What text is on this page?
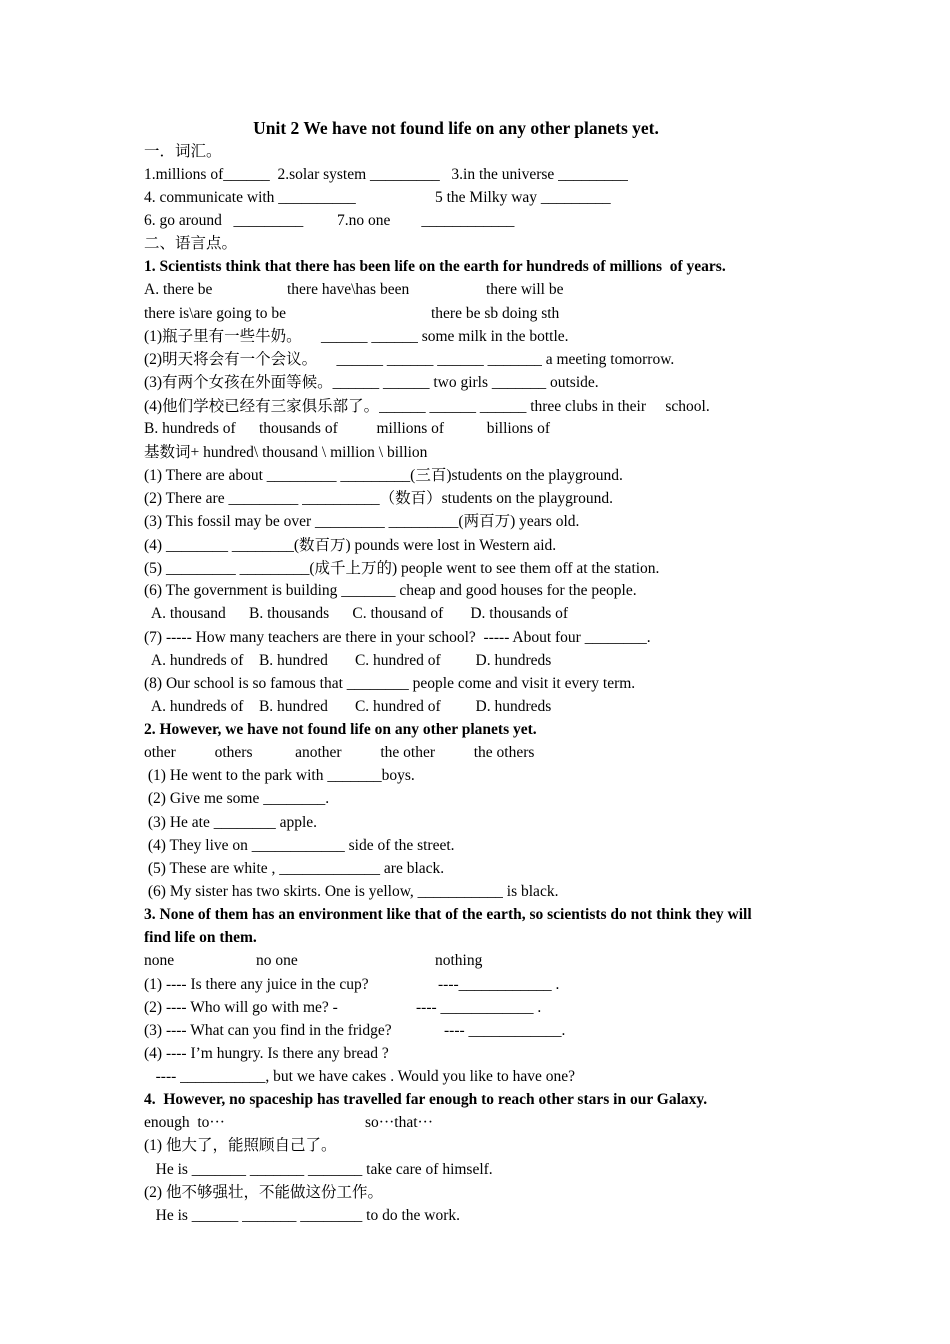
Unit 2 We have not found life on any other planets yet.
一．词汇。
1.millions of______  2.solar system _________   3.in the universe _________
4. communicate with __________	5 the Milky way _________
6. go around   _________ 7.no one        ____________
二、语言点。
1. Scientists think that there has been life on the earth for hundreds of millions  of years.
A. there be	there have\has been	there will be
there is\are going to be	there be sb doing sth
(1)瓶子里有一些牛奶。     ______ ______ some milk in the bottle.
(2)明天将会有一个会议。     ______ ______ ______ _______ a meeting tomorrow.
(3)有两个女孩在外面等候。______ ______ two girls _______ outside.
(4)他们学校已经有三家俱乐部了。______ ______ ______ three clubs in their     school.
B. hundreds of      thousands of          millions of           billions of
基数词+ hundred\ thousand \ million \ billion
(1) There are about _________ _________(三百)students on the playground.
(2) There are _________ __________（数百）students on the playground.
(3) This fossil may be over _________ _________(两百万) years old.
(4) ________ ________(数百万) pounds were lost in Western aid.
(5) _________ _________(成千上万的) people went to see them off at the station.
(6) The government is building _______ cheap and good houses for the people.
A. thousand      B. thousands      C. thousand of       D. thousands of
(7) ----- How many teachers are there in your school?  ----- About four ________.
A. hundreds of    B. hundred       C. hundred of         D. hundreds
(8) Our school is so famous that ________ people come and visit it every term.
A. hundreds of    B. hundred       C. hundred of         D. hundreds
2. However, we have not found life on any other planets yet.
other          others           another          the other          the others
(1) He went to the park with _______boys.
(2) Give me some ________.
(3) He ate ________ apple.
(4) They live on ____________ side of the street.
(5) These are white , _____________ are black.
(6) My sister has two skirts. One is yellow, ___________ is black.
3. None of them has an environment like that of the earth, so scientists do not think they will
find life on them.
none	no one	nothing
(1) ---- Is there any juice in the cup?	----____________ .
(2) ---- Who will go with me? -	---- ____________ .
(3) ---- What can you find in the fridge?	---- ____________.
(4) ---- I’m hungry. Is there any bread ?
---- ___________, but we have cakes . Would you like to have one?
4.  However, no spaceship has travelled far enough to reach other stars in our Galaxy.
enough  to···	so···that···
(1) 他大了，能照顾自己了。
He is _______ _______ _______ take care of himself.
(2) 他不够强壮，不能做这份工作。
He is ______ _______ ________ to do the work.
